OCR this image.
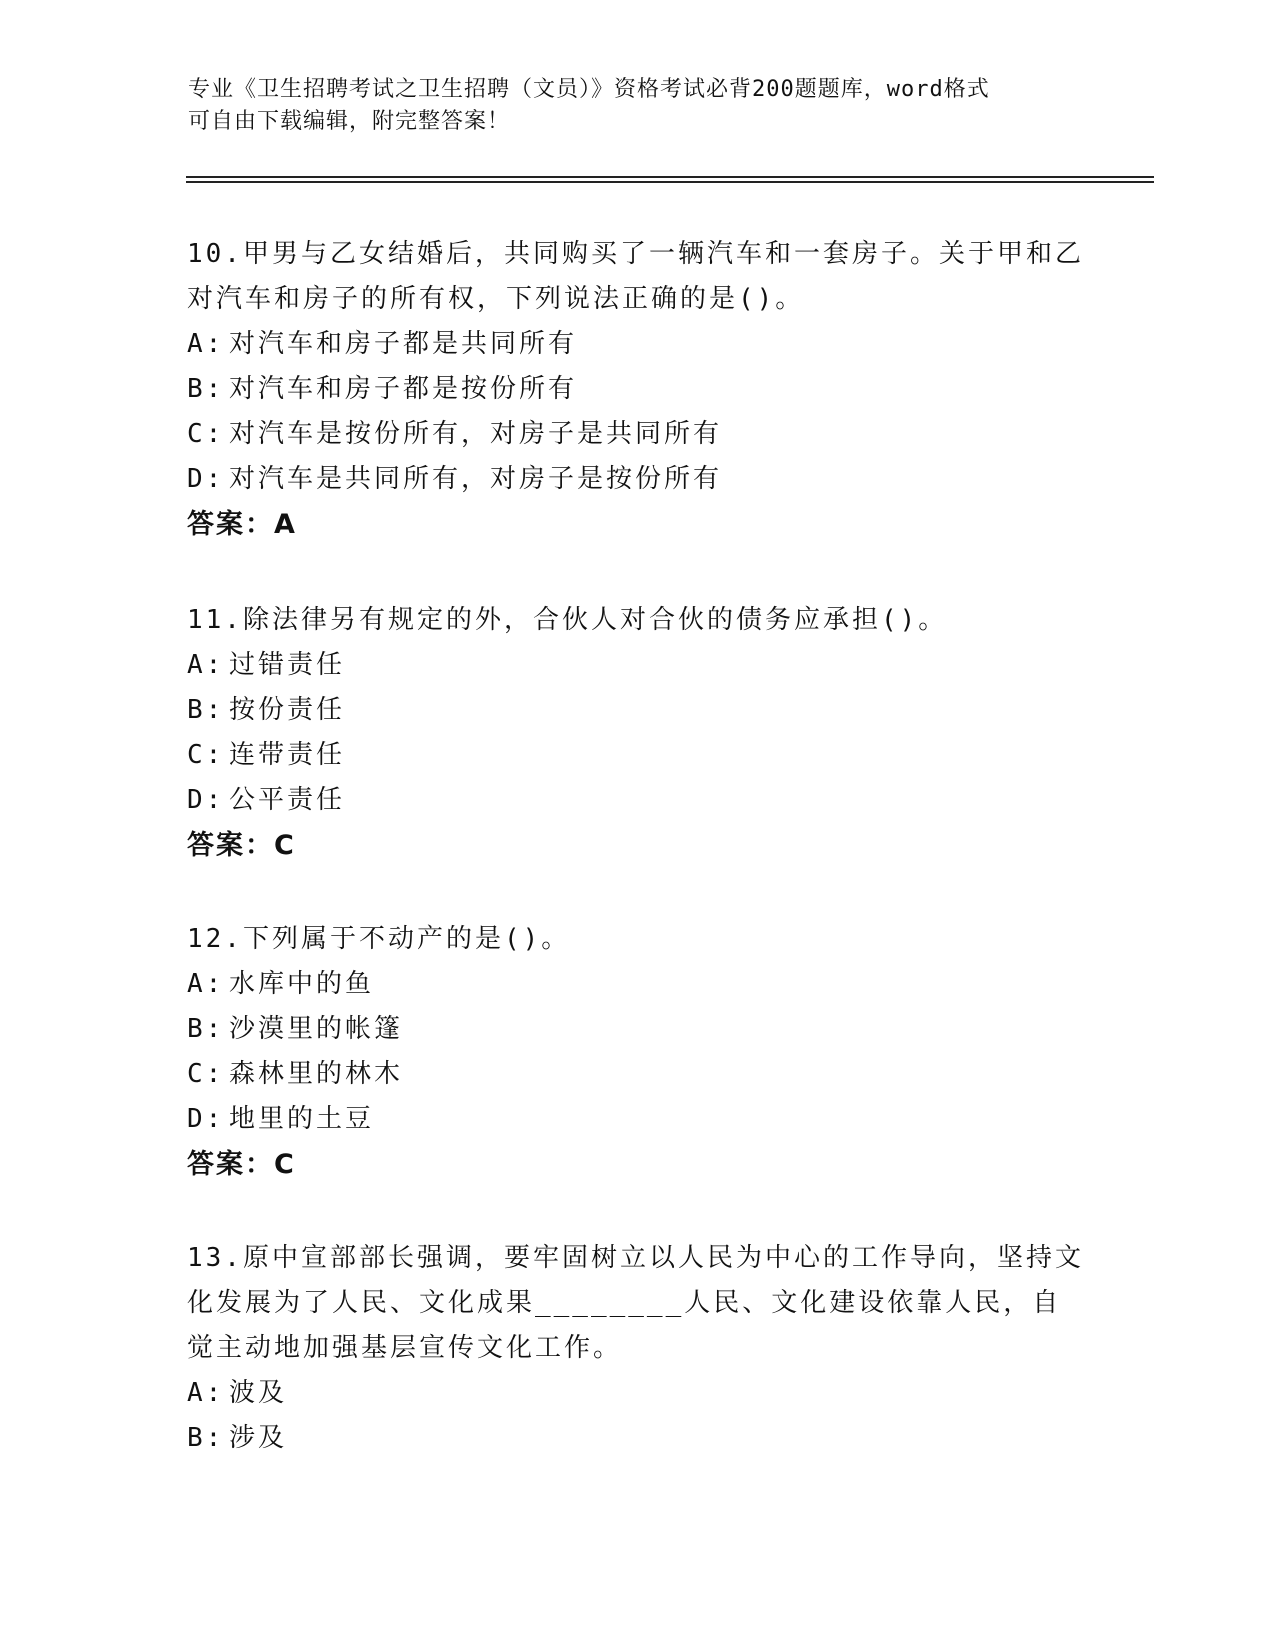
专业《卫生招聘考试之卫生招聘（文员）》资格考试必背200题题库，word格式
可自由下载编辑，附完整答案！

10.甲男与乙女结婚后，共同购买了一辆汽车和一套房子。关于甲和乙对汽车和房子的所有权，下列说法正确的是()。

A: 对汽车和房子都是共同所有
B: 对汽车和房子都是按份所有
C: 对汽车是按份所有，对房子是共同所有
D: 对汽车是共同所有，对房子是按份所有
答案：A

11.除法律另有规定的外，合伙人对合伙的债务应承担()。

A: 过错责任
B: 按份责任
C: 连带责任
D: 公平责任
答案：C

12.下列属于不动产的是()。

A: 水库中的鱼
B: 沙漠里的帐篷
C: 森林里的林木
D: 地里的土豆
答案：C

13.原中宣部部长强调，要牢固树立以人民为中心的工作导向，坚持文化发展为了人民、文化成果________人民、文化建设依靠人民，自觉主动地加强基层宣传文化工作。

A: 波及
B: 涉及
